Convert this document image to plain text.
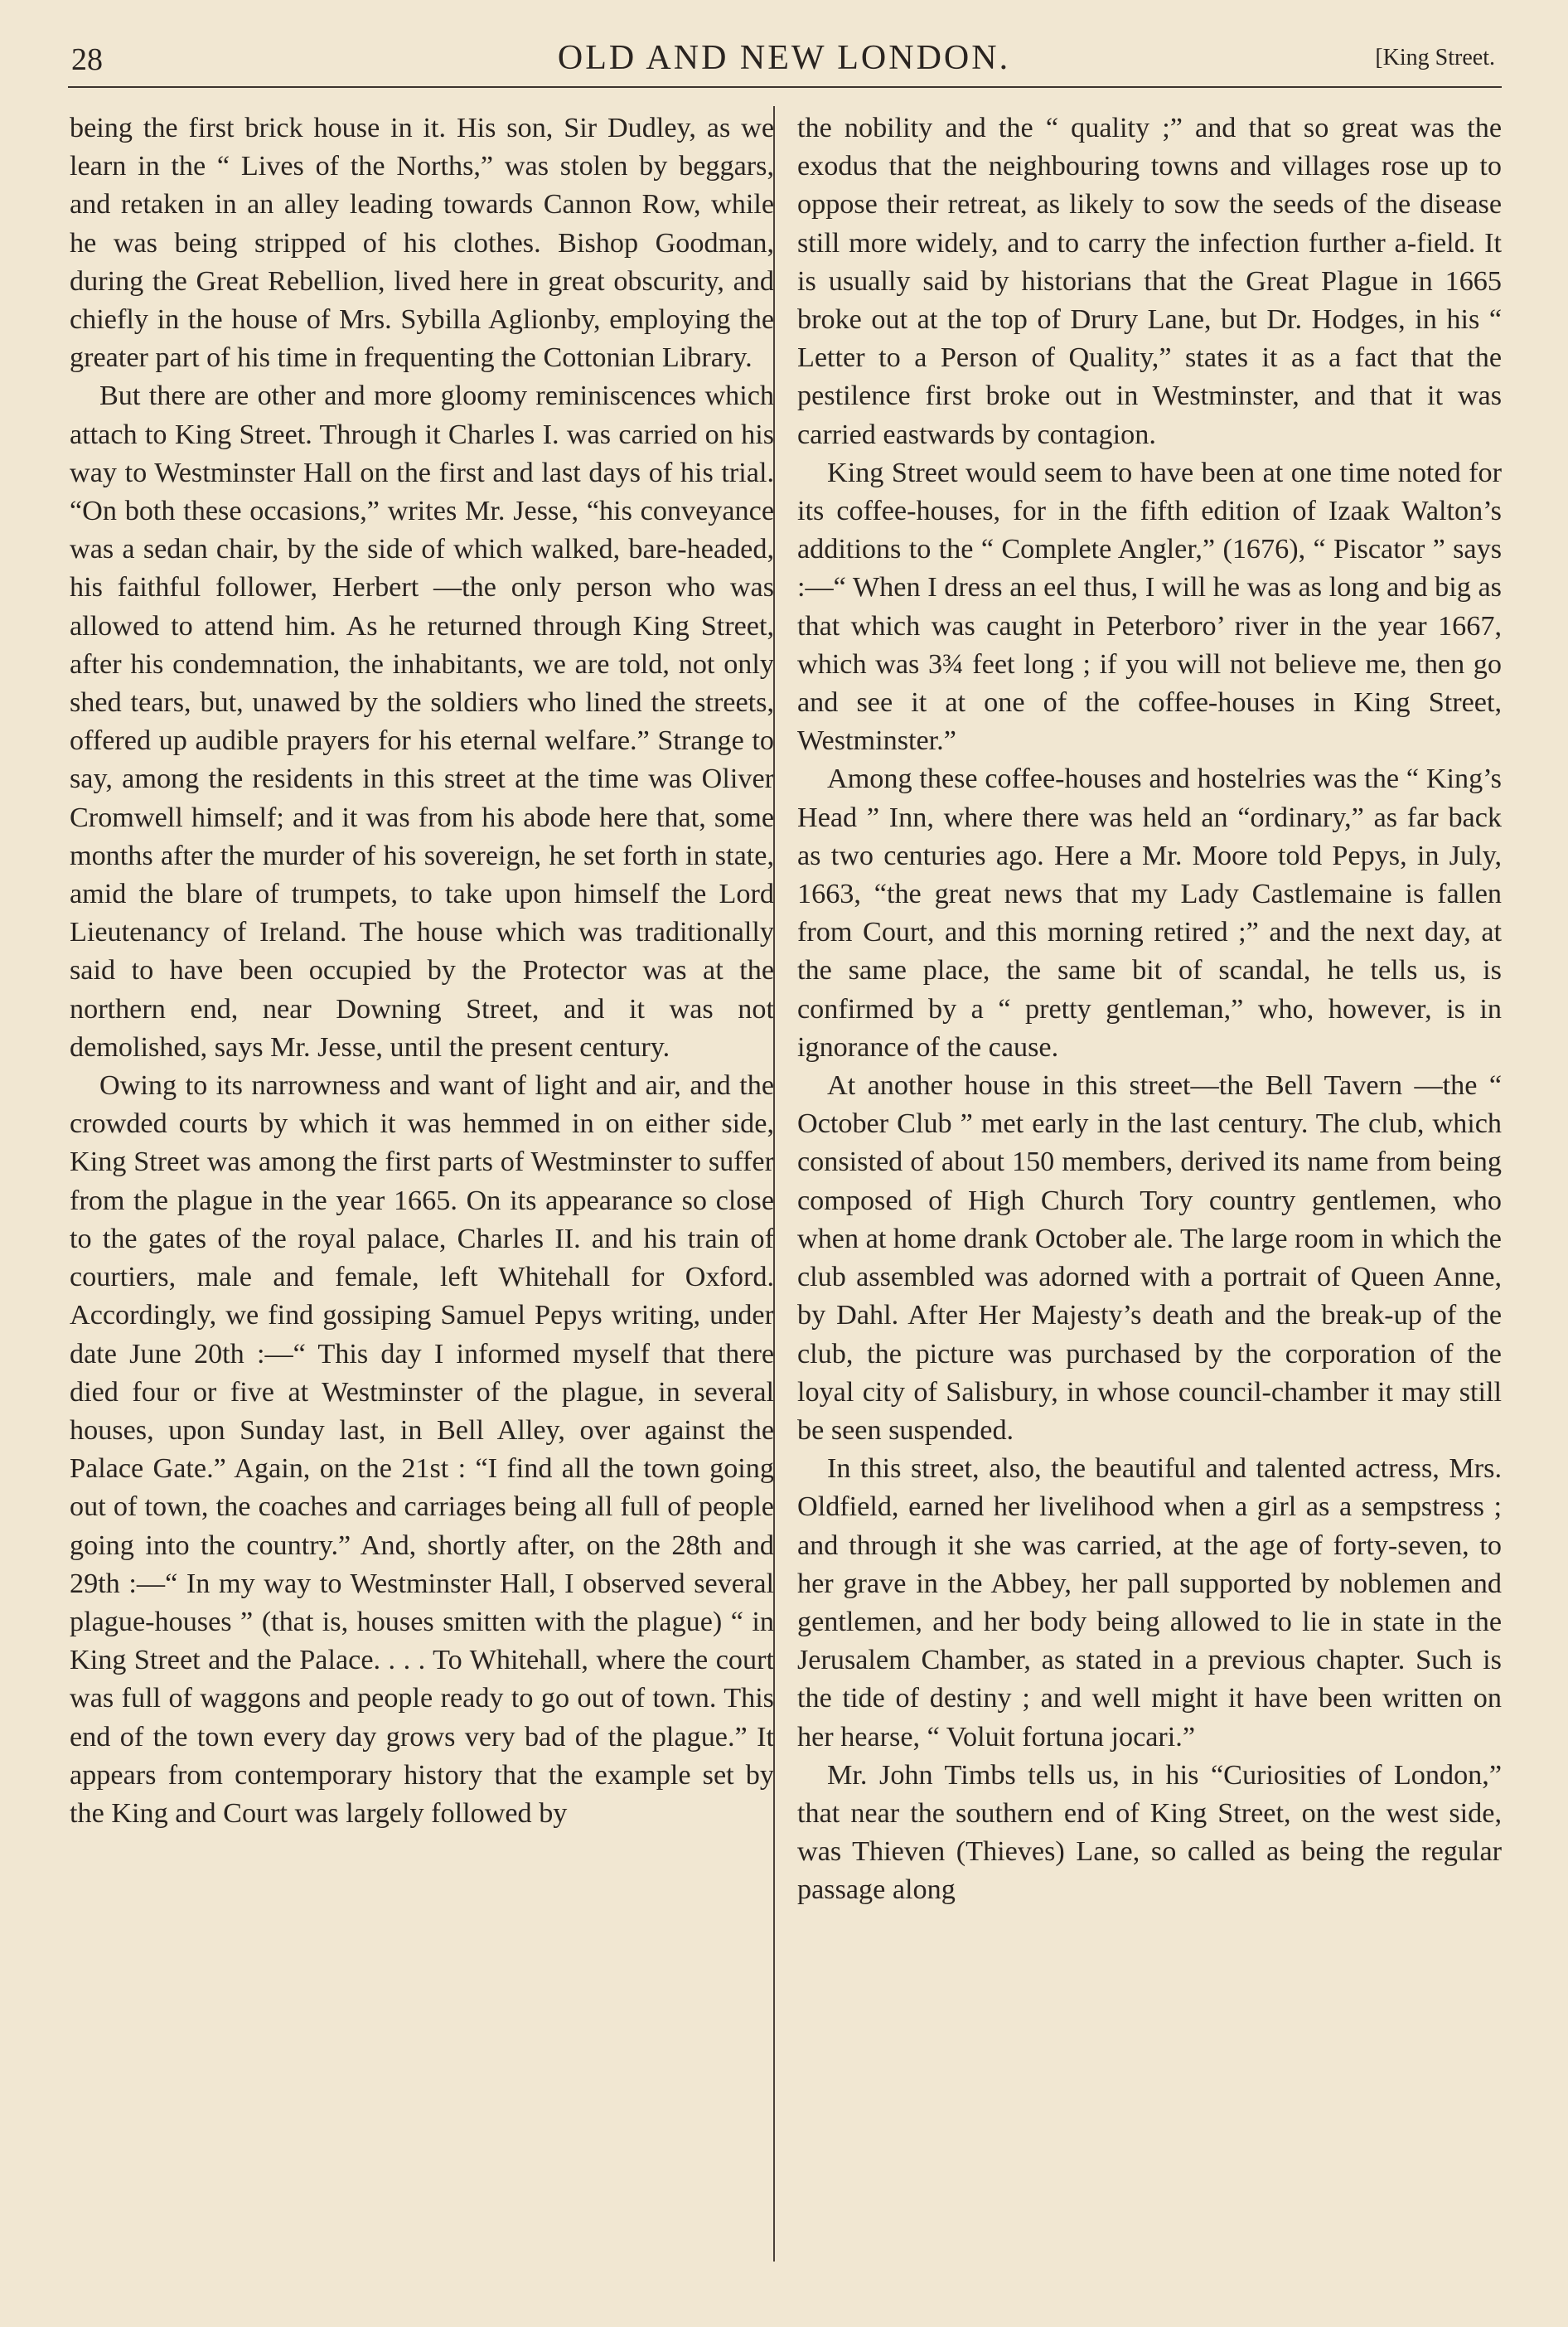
28	OLD AND NEW LONDON.	[King Street.

being the first brick house in it. His son, Sir Dudley, as we learn in the “ Lives of the Norths,” was stolen by beggars, and retaken in an alley leading towards Cannon Row, while he was being stripped of his clothes. Bishop Goodman, during the Great Rebellion, lived here in great obscurity, and chiefly in the house of Mrs. Sybilla Aglionby, employing the greater part of his time in frequenting the Cottonian Library.

But there are other and more gloomy reminiscences which attach to King Street. Through it Charles I. was carried on his way to Westminster Hall on the first and last days of his trial. “On both these occasions,” writes Mr. Jesse, “his conveyance was a sedan chair, by the side of which walked, bare-headed, his faithful follower, Herbert —the only person who was allowed to attend him. As he returned through King Street, after his condemnation, the inhabitants, we are told, not only shed tears, but, unawed by the soldiers who lined the streets, offered up audible prayers for his eternal welfare.” Strange to say, among the residents in this street at the time was Oliver Cromwell himself; and it was from his abode here that, some months after the murder of his sovereign, he set forth in state, amid the blare of trumpets, to take upon himself the Lord Lieutenancy of Ireland. The house which was traditionally said to have been occupied by the Protector was at the northern end, near Downing Street, and it was not demolished, says Mr. Jesse, until the present century.

Owing to its narrowness and want of light and air, and the crowded courts by which it was hemmed in on either side, King Street was among the first parts of Westminster to suffer from the plague in the year 1665. On its appearance so close to the gates of the royal palace, Charles II. and his train of courtiers, male and female, left Whitehall for Oxford. Accordingly, we find gossiping Samuel Pepys writing, under date June 20th :—“ This day I informed myself that there died four or five at Westminster of the plague, in several houses, upon Sunday last, in Bell Alley, over against the Palace Gate.” Again, on the 21st : “I find all the town going out of town, the coaches and carriages being all full of people going into the country.” And, shortly after, on the 28th and 29th :—“ In my way to Westminster Hall, I observed several plague-houses ” (that is, houses smitten with the plague) “ in King Street and the Palace. . . . To Whitehall, where the court was full of waggons and people ready to go out of town. This end of the town every day grows very bad of the plague.” It appears from contemporary history that the example set by the King and Court was largely followed by

the nobility and the “ quality ;” and that so great was the exodus that the neighbouring towns and villages rose up to oppose their retreat, as likely to sow the seeds of the disease still more widely, and to carry the infection further a-field. It is usually said by historians that the Great Plague in 1665 broke out at the top of Drury Lane, but Dr. Hodges, in his “ Letter to a Person of Quality,” states it as a fact that the pestilence first broke out in Westminster, and that it was carried eastwards by contagion.

King Street would seem to have been at one time noted for its coffee-houses, for in the fifth edition of Izaak Walton’s additions to the “ Complete Angler,” (1676), “ Piscator ” says :—“ When I dress an eel thus, I will he was as long and big as that which was caught in Peterboro’ river in the year 1667, which was 3¾ feet long ; if you will not believe me, then go and see it at one of the coffee-houses in King Street, Westminster.”

Among these coffee-houses and hostelries was the “ King’s Head ” Inn, where there was held an “ordinary,” as far back as two centuries ago. Here a Mr. Moore told Pepys, in July, 1663, “the great news that my Lady Castlemaine is fallen from Court, and this morning retired ;” and the next day, at the same place, the same bit of scandal, he tells us, is confirmed by a “ pretty gentleman,” who, however, is in ignorance of the cause.

At another house in this street—the Bell Tavern —the “ October Club ” met early in the last century. The club, which consisted of about 150 members, derived its name from being composed of High Church Tory country gentlemen, who when at home drank October ale. The large room in which the club assembled was adorned with a portrait of Queen Anne, by Dahl. After Her Majesty’s death and the break-up of the club, the picture was purchased by the corporation of the loyal city of Salisbury, in whose council-chamber it may still be seen suspended.

In this street, also, the beautiful and talented actress, Mrs. Oldfield, earned her livelihood when a girl as a sempstress ; and through it she was carried, at the age of forty-seven, to her grave in the Abbey, her pall supported by noblemen and gentlemen, and her body being allowed to lie in state in the Jerusalem Chamber, as stated in a previous chapter. Such is the tide of destiny ; and well might it have been written on her hearse, “ Voluit fortuna jocari.”

Mr. John Timbs tells us, in his “Curiosities of London,” that near the southern end of King Street, on the west side, was Thieven (Thieves) Lane, so called as being the regular passage along
